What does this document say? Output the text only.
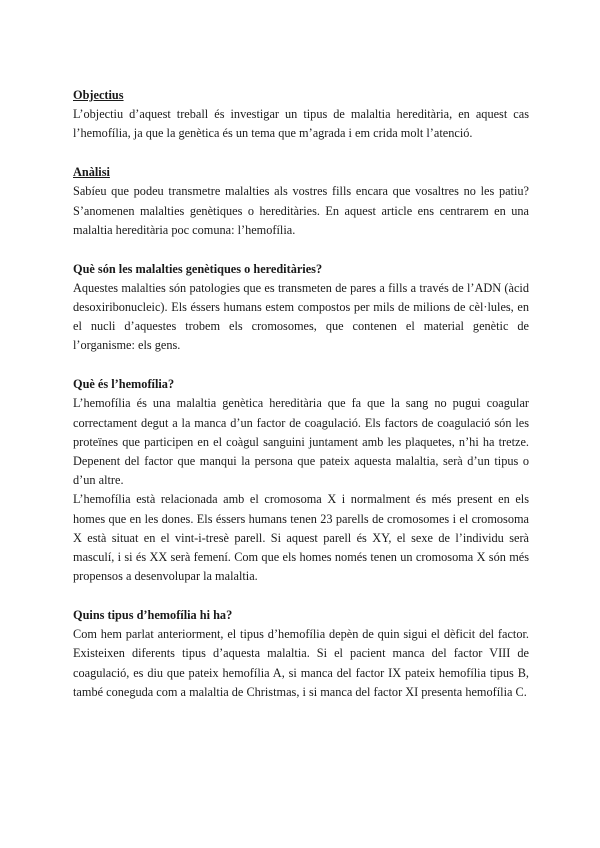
Objectius

L’objectiu d’aquest treball és investigar un tipus de malaltia hereditària, en aquest cas l’hemofília, ja que la genètica és un tema que m’agrada i em crida molt l’atenció.

Anàlisi

Sabíeu que podeu transmetre malalties als vostres fills encara que vosaltres no les patiu? S’anomenen malalties genètiques o hereditàries. En aquest article ens centrarem en una malaltia hereditària poc comuna: l’hemofília.

Què són les malalties genètiques o hereditàries?

Aquestes malalties són patologies que es transmeten de pares a fills a través de l’ADN (àcid desoxiribonucleic). Els éssers humans estem compostos per mils de milions de cèl·lules, en el nucli d’aquestes trobem els cromosomes, que contenen el material genètic de l’organisme: els gens.

Què és l’hemofília?

L’hemofília és una malaltia genètica hereditària que fa que la sang no pugui coagular correctament degut a la manca d’un factor de coagulació. Els factors de coagulació són les proteïnes que participen en el coàgul sanguini juntament amb les plaquetes, n’hi ha tretze. Depenent del factor que manqui la persona que pateix aquesta malaltia, serà d’un tipus o d’un altre.

L’hemofília està relacionada amb el cromosoma X i normalment és més present en els homes que en les dones. Els éssers humans tenen 23 parells de cromosomes i el cromosoma X està situat en el vint-i-tresè parell. Si aquest parell és XY, el sexe de l’individu serà masculí, i si és XX serà femení. Com que els homes només tenen un cromosoma X són més propensos a desenvolupar la malaltia.

Quins tipus d’hemofília hi ha?

Com hem parlat anteriorment, el tipus d’hemofília depèn de quin sigui el dèficit del factor. Existeixen diferents tipus d’aquesta malaltia. Si el pacient manca del factor VIII de coagulació, es diu que pateix hemofília A, si manca del factor IX pateix hemofília tipus B, també coneguda com a malaltia de Christmas, i si manca del factor XI presenta hemofília C.
